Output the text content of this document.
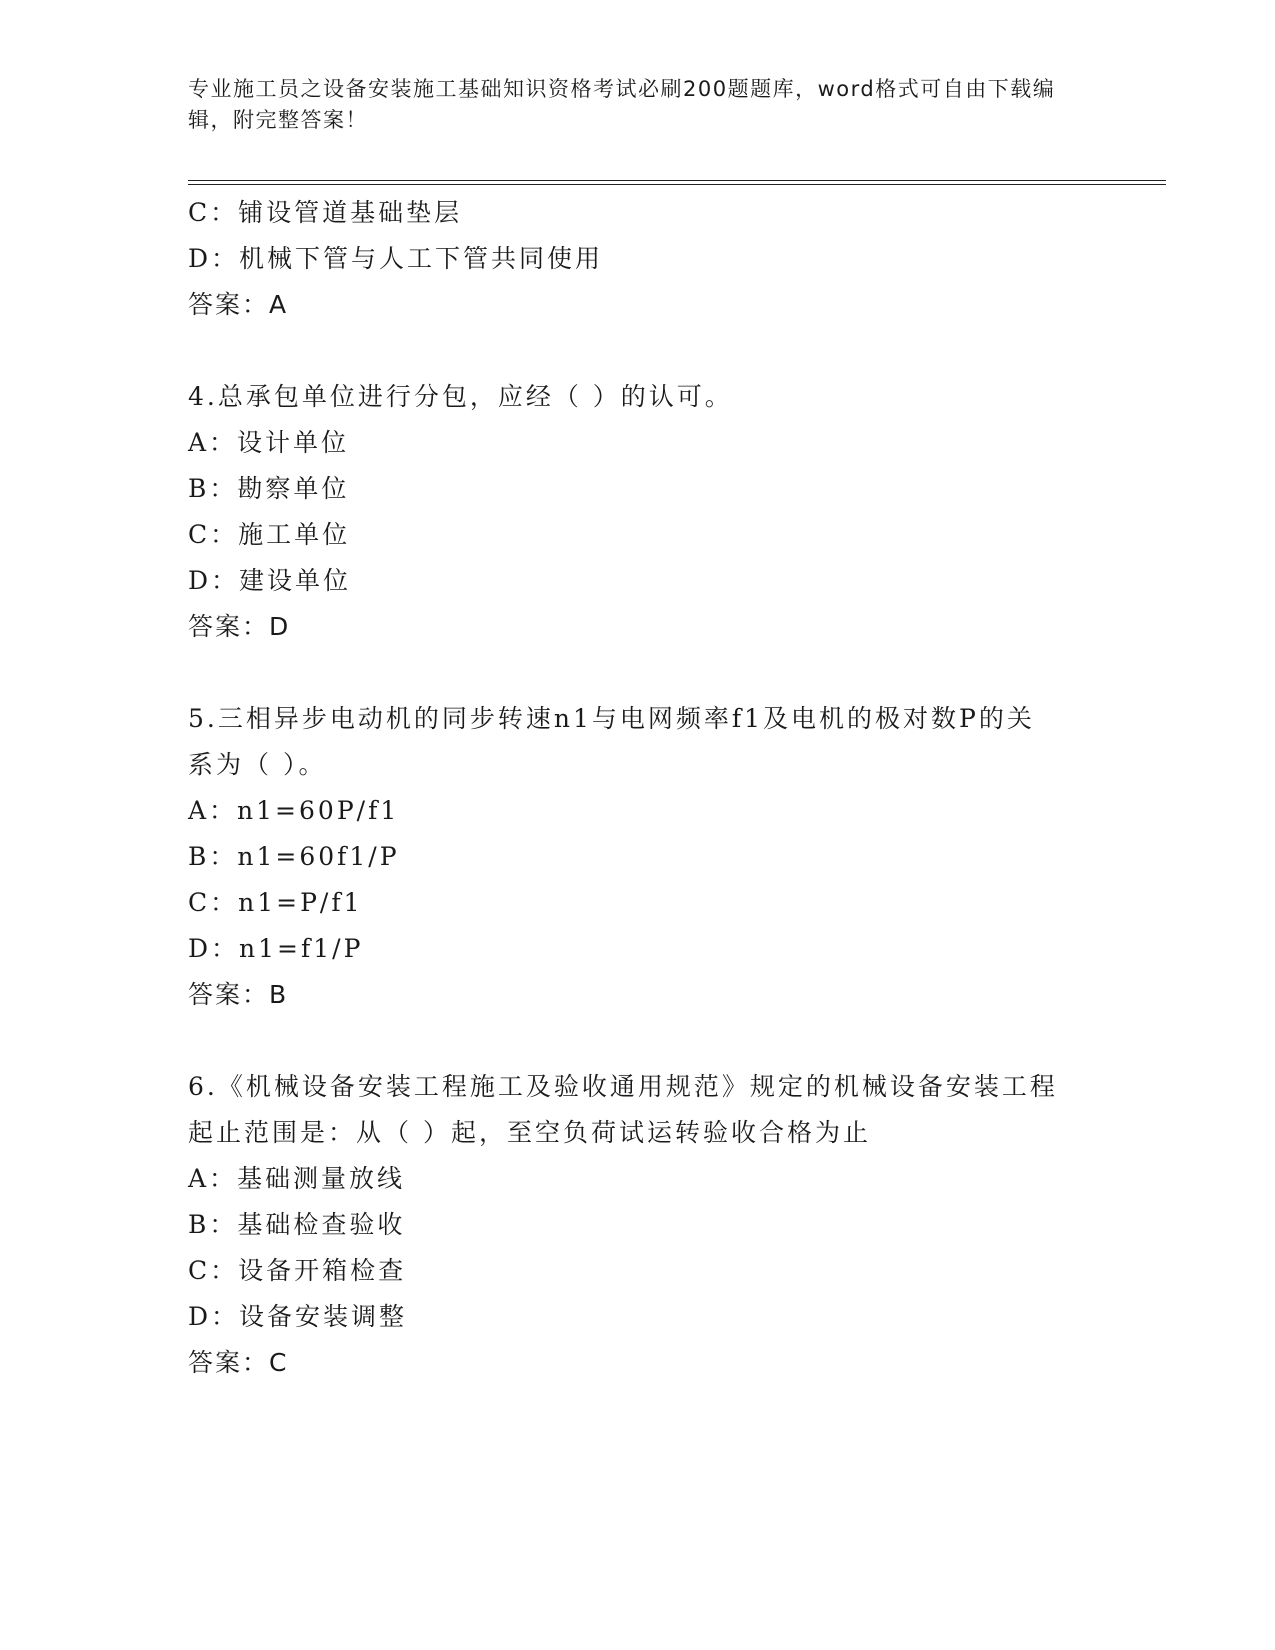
专业施工员之设备安装施工基础知识资格考试必刷200题题库，word格式可自由下载编辑，附完整答案！
C：铺设管道基础垫层
D：机械下管与人工下管共同使用
答案：A
4.总承包单位进行分包，应经（ ）的认可。
A：设计单位
B：勘察单位
C：施工单位
D：建设单位
答案：D
5.三相异步电动机的同步转速n1与电网频率f1及电机的极对数P的关系为（ ）。
A：n1=60P/f1
B：n1=60f1/P
C：n1=P/f1
D：n1=f1/P
答案：B
6.《机械设备安装工程施工及验收通用规范》规定的机械设备安装工程起止范围是：从（ ）起，至空负荷试运转验收合格为止
A：基础测量放线
B：基础检查验收
C：设备开箱检查
D：设备安装调整
答案：C
